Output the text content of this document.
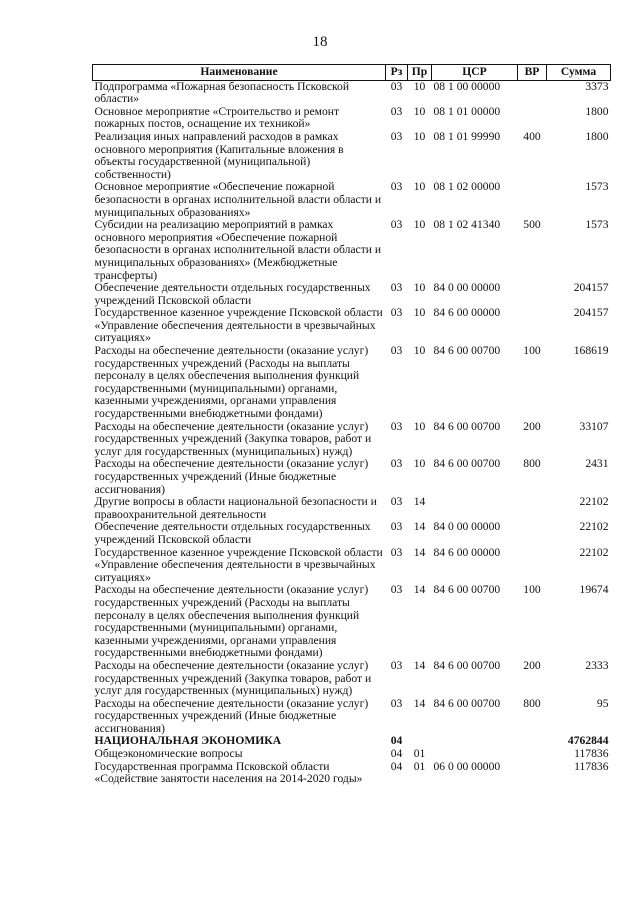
18
Наименование	Рз	Пр	ЦСР	ВР	Сумма
Подпрограмма «Пожарная безопасность Псковской области»	03	10	08 1 00 00000		3373
Основное мероприятие «Строительство и ремонт пожарных постов, оснащение их техникой»	03	10	08 1 01 00000		1800
Реализация иных направлений расходов в рамках основного мероприятия (Капитальные вложения в объекты государственной (муниципальной) собственности)	03	10	08 1 01 99990	400	1800
Основное мероприятие «Обеспечение пожарной безопасности в органах исполнительной власти области и муниципальных образованиях»	03	10	08 1 02 00000		1573
Субсидии на реализацию мероприятий в рамках основного мероприятия «Обеспечение пожарной безопасности в органах исполнительной власти области и муниципальных образованиях» (Межбюджетные трансферты)	03	10	08 1 02 41340	500	1573
Обеспечение деятельности отдельных государственных учреждений Псковской области	03	10	84 0 00 00000		204157
Государственное казенное учреждение Псковской области «Управление обеспечения деятельности в чрезвычайных ситуациях»	03	10	84 6 00 00000		204157
Расходы на обеспечение деятельности (оказание услуг) государственных учреждений (Расходы на выплаты персоналу в целях обеспечения выполнения функций государственными (муниципальными) органами, казенными учреждениями, органами управления государственными внебюджетными фондами)	03	10	84 6 00 00700	100	168619
Расходы на обеспечение деятельности (оказание услуг) государственных учреждений (Закупка товаров, работ и услуг для государственных (муниципальных) нужд)	03	10	84 6 00 00700	200	33107
Расходы на обеспечение деятельности (оказание услуг) государственных учреждений (Иные бюджетные ассигнования)	03	10	84 6 00 00700	800	2431
Другие вопросы в области национальной безопасности и правоохранительной деятельности	03	14			22102
Обеспечение деятельности отдельных государственных учреждений Псковской области	03	14	84 0 00 00000		22102
Государственное казенное учреждение Псковской области «Управление обеспечения деятельности в чрезвычайных ситуациях»	03	14	84 6 00 00000		22102
Расходы на обеспечение деятельности (оказание услуг) государственных учреждений (Расходы на выплаты персоналу в целях обеспечения выполнения функций государственными (муниципальными) органами, казенными учреждениями, органами управления государственными внебюджетными фондами)	03	14	84 6 00 00700	100	19674
Расходы на обеспечение деятельности (оказание услуг) государственных учреждений (Закупка товаров, работ и услуг для государственных (муниципальных) нужд)	03	14	84 6 00 00700	200	2333
Расходы на обеспечение деятельности (оказание услуг) государственных учреждений (Иные бюджетные ассигнования)	03	14	84 6 00 00700	800	95
НАЦИОНАЛЬНАЯ ЭКОНОМИКА	04				4762844
Общеэкономические вопросы	04	01			117836
Государственная программа Псковской области «Содействие занятости населения на 2014-2020 годы»	04	01	06 0 00 00000		117836
